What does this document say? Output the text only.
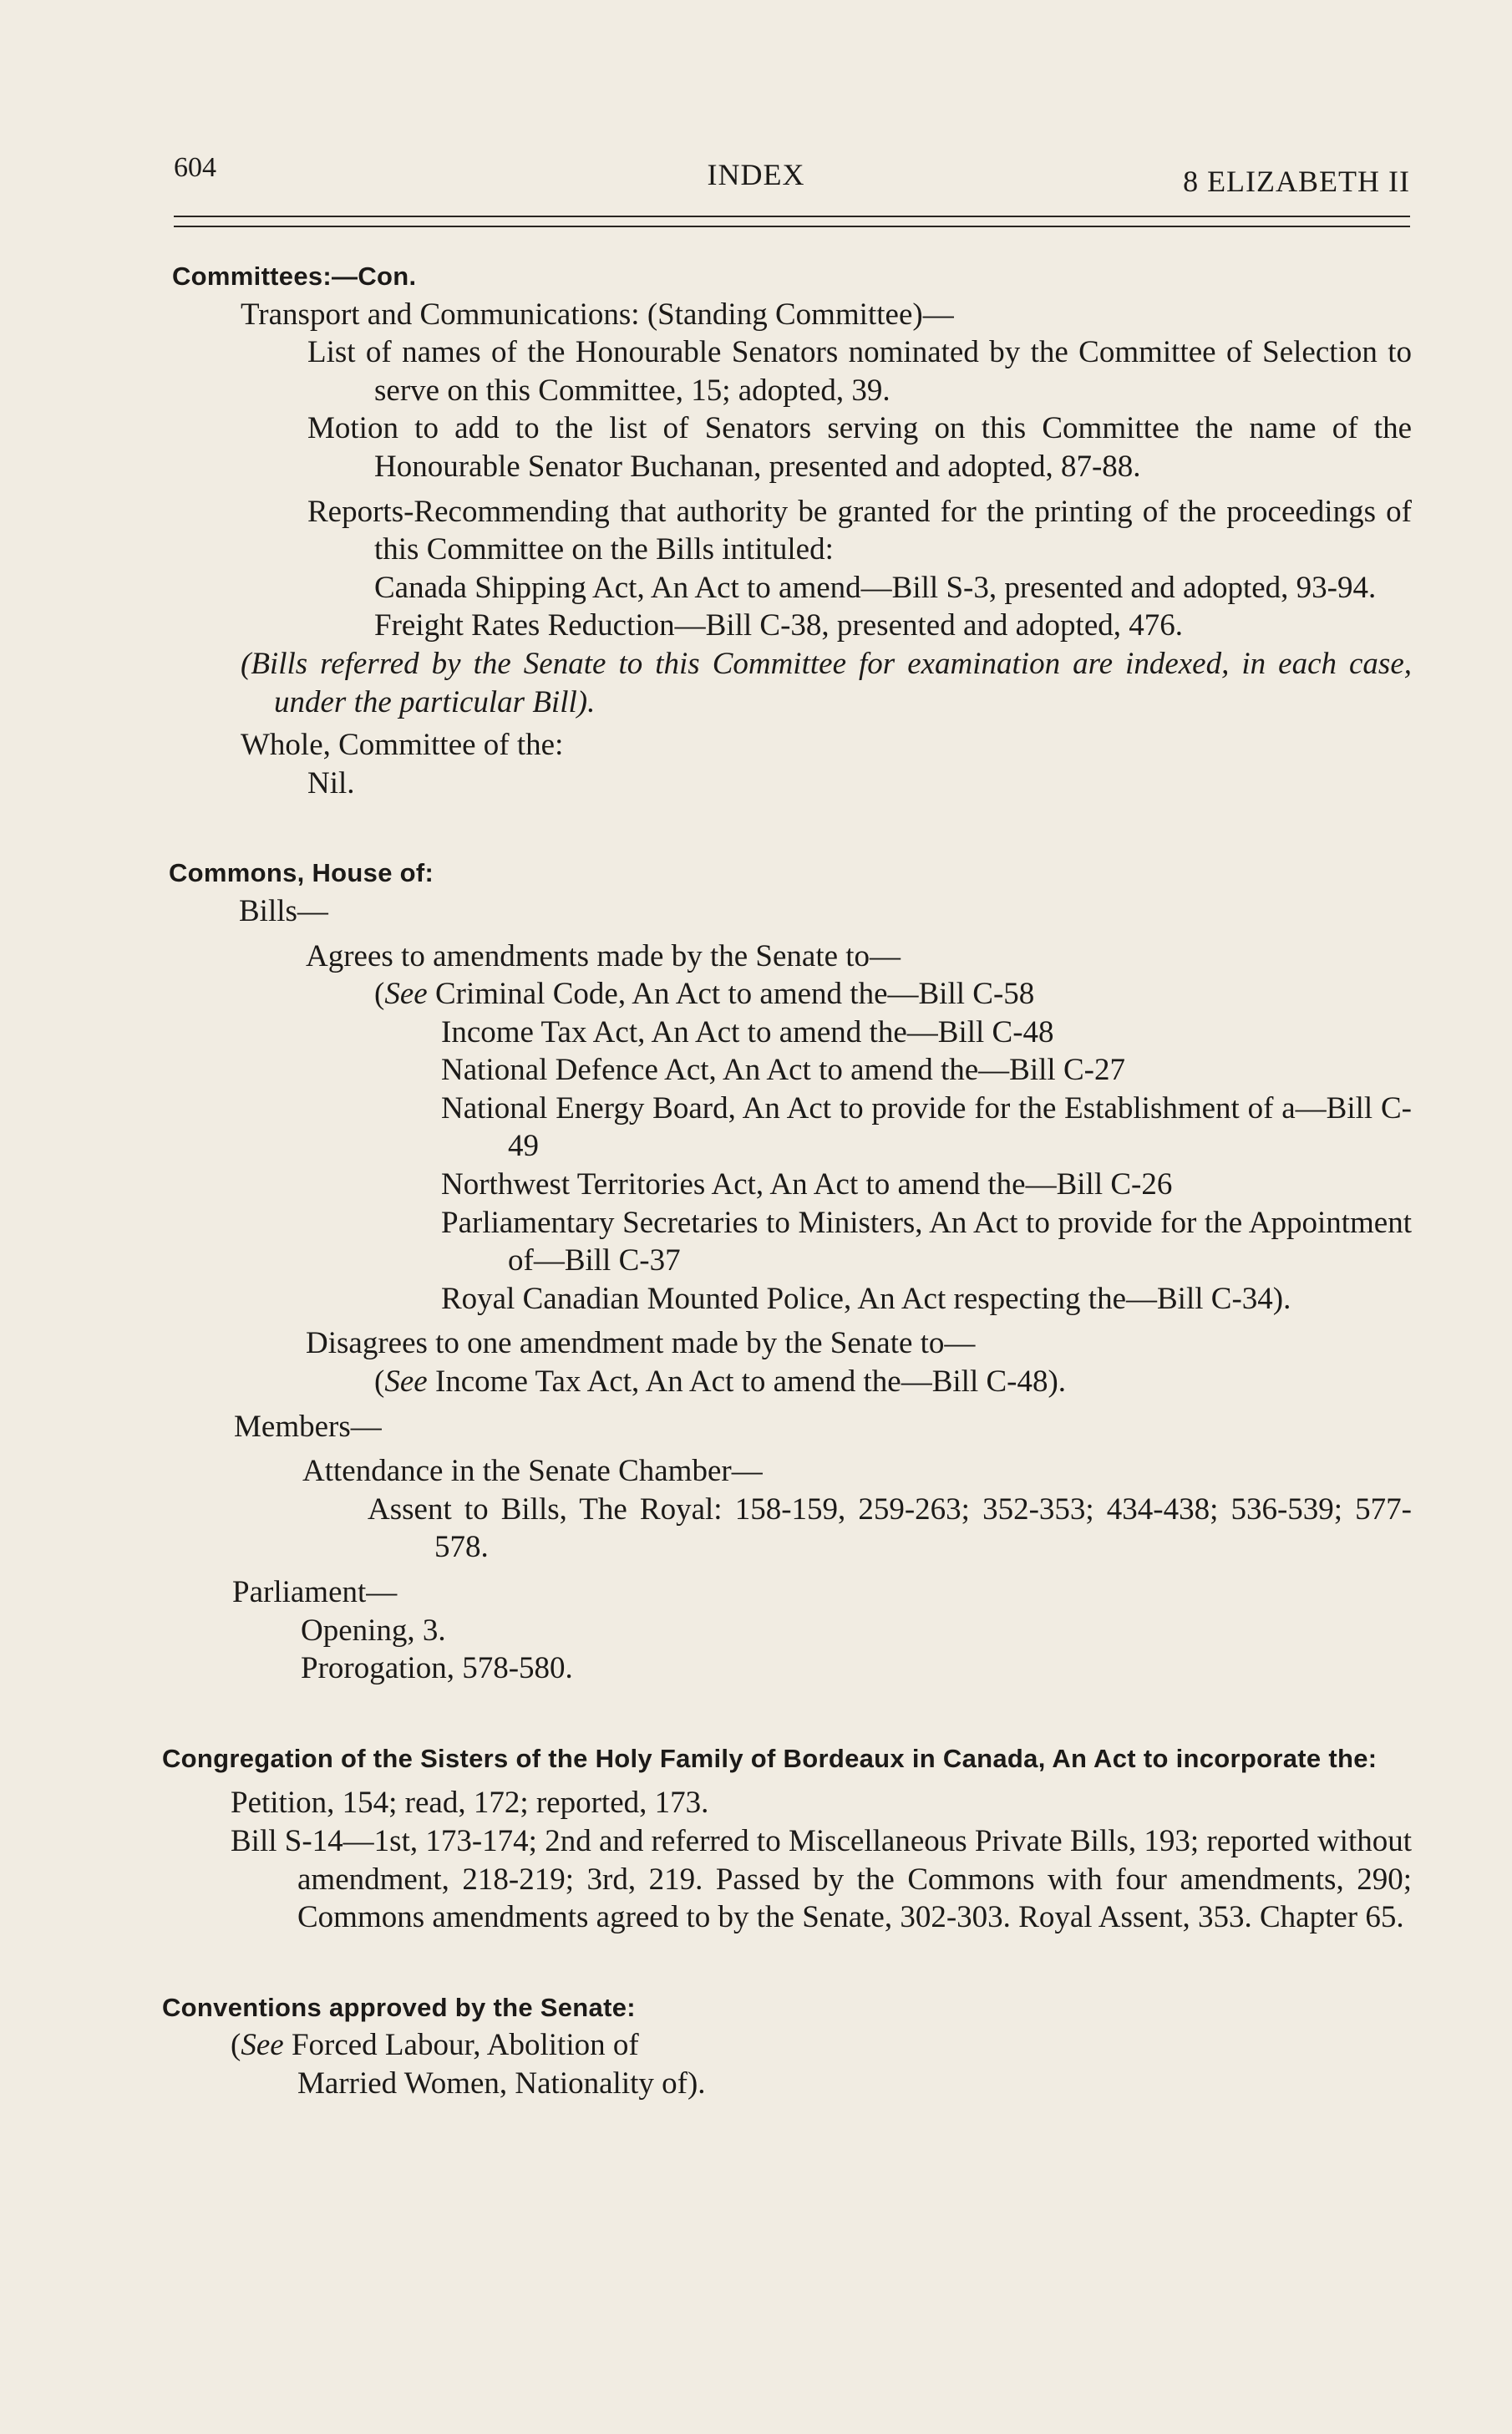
604	INDEX	8 ELIZABETH II
Committees:—Con.
Transport and Communications: (Standing Committee)—
List of names of the Honourable Senators nominated by the Committee of Selection to serve on this Committee, 15; adopted, 39.
Motion to add to the list of Senators serving on this Committee the name of the Honourable Senator Buchanan, presented and adopted, 87-88.
Reports-Recommending that authority be granted for the printing of the proceedings of this Committee on the Bills intituled:
Canada Shipping Act, An Act to amend—Bill S-3, presented and adopted, 93-94.
Freight Rates Reduction—Bill C-38, presented and adopted, 476.
(Bills referred by the Senate to this Committee for examination are indexed, in each case, under the particular Bill).
Whole, Committee of the:
Nil.
Commons, House of:
Bills—
Agrees to amendments made by the Senate to—
(See Criminal Code, An Act to amend the—Bill C-58
Income Tax Act, An Act to amend the—Bill C-48
National Defence Act, An Act to amend the—Bill C-27
National Energy Board, An Act to provide for the Establishment of a—Bill C-49
Northwest Territories Act, An Act to amend the—Bill C-26
Parliamentary Secretaries to Ministers, An Act to provide for the Appointment of—Bill C-37
Royal Canadian Mounted Police, An Act respecting the—Bill C-34).
Disagrees to one amendment made by the Senate to—
(See Income Tax Act, An Act to amend the—Bill C-48).
Members—
Attendance in the Senate Chamber—
Assent to Bills, The Royal: 158-159, 259-263; 352-353; 434-438; 536-539; 577-578.
Parliament—
Opening, 3.
Prorogation, 578-580.
Congregation of the Sisters of the Holy Family of Bordeaux in Canada, An Act to incorporate the:
Petition, 154; read, 172; reported, 173.
Bill S-14—1st, 173-174; 2nd and referred to Miscellaneous Private Bills, 193; reported without amendment, 218-219; 3rd, 219. Passed by the Commons with four amendments, 290; Commons amendments agreed to by the Senate, 302-303. Royal Assent, 353. Chapter 65.
Conventions approved by the Senate:
(See Forced Labour, Abolition of
Married Women, Nationality of).
